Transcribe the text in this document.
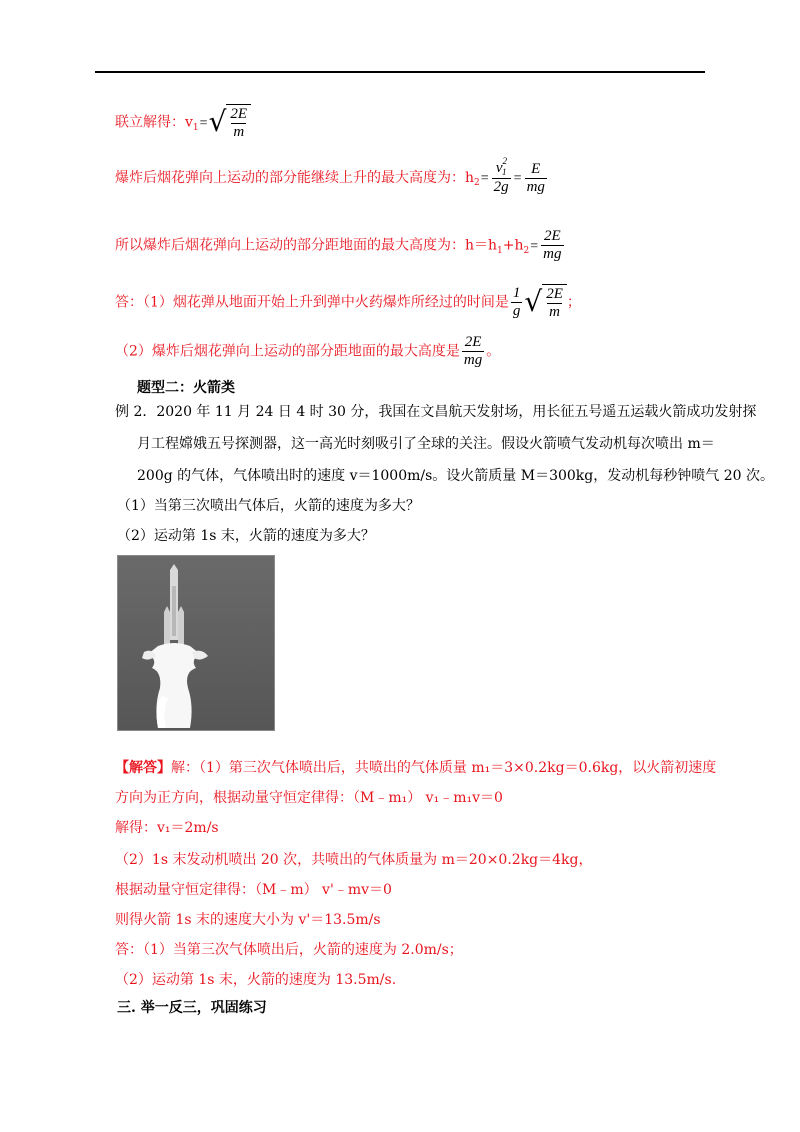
联立解得：$v_1=$ √ $\frac{2E}{m}$
爆炸后烟花弹向上运动的部分能继续上升的最大高度为：$h_2= \frac{v^2_1}{2g} = \frac{E}{mg}$
所以爆炸后烟花弹向上运动的部分距地面的最大高度为：$h=h_1+h_2= \frac{2E}{mg}$
答：（1）烟花弹从地面开始上升到弹中火药爆炸所经过的时间是 $\frac{1}{g}$ √ $\frac{2E}{m}$ ；
（2）爆炸后烟花弹向上运动的部分距地面的最大高度是 $\frac{2E}{mg}$ 。
题型二：火箭类
例 2．2020 年 11 月 24 日 4 时 30 分，我国在文昌航天发射场，用长征五号遥五运载火箭成功发射探
月工程嫦娥五号探测器，这一高光时刻吸引了全球的关注。假设火箭喷气发动机每次喷出 m＝
200g 的气体，气体喷出时的速度 v＝1000m/s。设火箭质量 M＝300kg，发动机每秒钟喷气 20 次。
（1）当第三次喷出气体后，火箭的速度为多大？
（2）运动第 1s 末，火箭的速度为多大？
【解答】解：（1）第三次气体喷出后，共喷出的气体质量 m₁＝3×0.2kg＝0.6kg，以火箭初速度
方向为正方向，根据动量守恒定律得：（M﹣m₁） v₁﹣m₁v＝0
解得：v₁＝2m/s
（2）1s 末发动机喷出 20 次，共喷出的气体质量为 m＝20×0.2kg＝4kg，
根据动量守恒定律得：（M﹣m） v'﹣mv＝0
则得火箭 1s 末的速度大小为 v'＝13.5m/s
答：（1）当第三次气体喷出后，火箭的速度为 2.0m/s；
（2）运动第 1s 末，火箭的速度为 13.5m/s.
三. 举一反三，巩固练习
